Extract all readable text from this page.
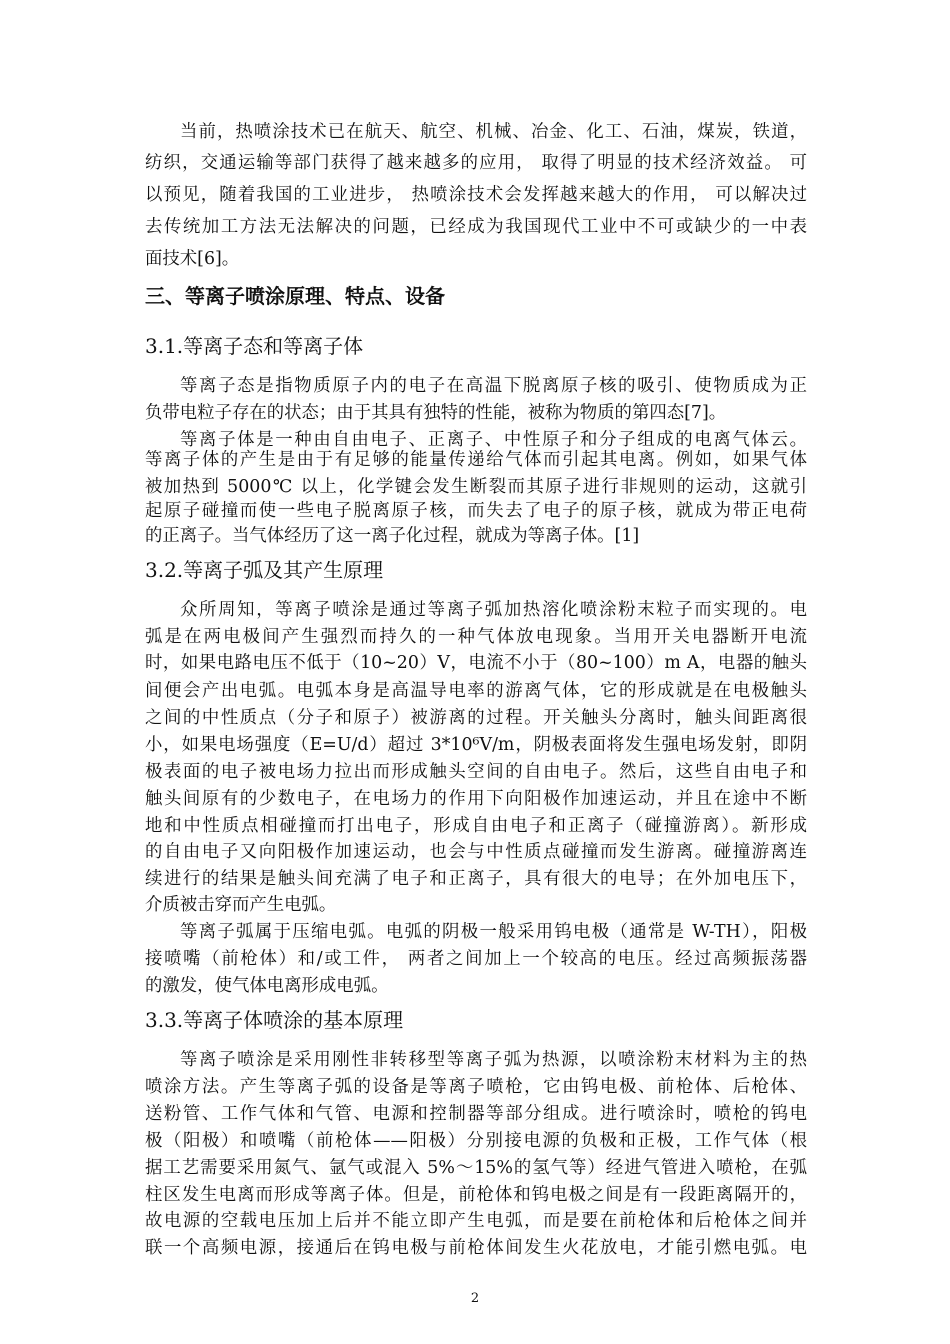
当前，热喷涂技术已在航天、航空、机械、冶金、化工、石油，煤炭，铁道，
纺织，交通运输等部门获得了越来越多的应用， 取得了明显的技术经济效益。 可
以预见，随着我国的工业进步， 热喷涂技术会发挥越来越大的作用， 可以解决过
去传统加工方法无法解决的问题，已经成为我国现代工业中不可或缺少的一中表
面技术[6]。
三、等离子喷涂原理、特点、设备
3.1.等离子态和等离子体
等离子态是指物质原子内的电子在高温下脱离原子核的吸引、使物质成为正
负带电粒子存在的状态；由于其具有独特的性能，被称为物质的第四态[7]。
等离子体是一种由自由电子、正离子、中性原子和分子组成的电离气体云。
等离子体的产生是由于有足够的能量传递给气体而引起其电离。例如，如果气体
被加热到 5000℃ 以上，化学键会发生断裂而其原子进行非规则的运动，这就引
起原子碰撞而使一些电子脱离原子核，而失去了电子的原子核，就成为带正电荷
的正离子。当气体经历了这一离子化过程，就成为等离子体。[1]
3.2.等离子弧及其产生原理
众所周知，等离子喷涂是通过等离子弧加热溶化喷涂粉末粒子而实现的。电
弧是在两电极间产生强烈而持久的一种气体放电现象。当用开关电器断开电流
时，如果电路电压不低于（10~20）V，电流不小于（80~100）m A，电器的触头
间便会产出电弧。电弧本身是高温导电率的游离气体，它的形成就是在电极触头
之间的中性质点（分子和原子）被游离的过程。开关触头分离时，触头间距离很
小，如果电场强度（E=U/d）超过 3*10⁶V/m，阴极表面将发生强电场发射，即阴
极表面的电子被电场力拉出而形成触头空间的自由电子。然后，这些自由电子和
触头间原有的少数电子，在电场力的作用下向阳极作加速运动，并且在途中不断
地和中性质点相碰撞而打出电子，形成自由电子和正离子（碰撞游离）。新形成
的自由电子又向阳极作加速运动，也会与中性质点碰撞而发生游离。碰撞游离连
续进行的结果是触头间充满了电子和正离子，具有很大的电导；在外加电压下，
介质被击穿而产生电弧。
等离子弧属于压缩电弧。电弧的阴极一般采用钨电极（通常是 W-TH），阳极
接喷嘴（前枪体）和/或工件， 两者之间加上一个较高的电压。经过高频振荡器
的激发，使气体电离形成电弧。
3.3.等离子体喷涂的基本原理
等离子喷涂是采用刚性非转移型等离子弧为热源，以喷涂粉末材料为主的热
喷涂方法。产生等离子弧的设备是等离子喷枪，它由钨电极、前枪体、后枪体、
送粉管、工作气体和气管、电源和控制器等部分组成。进行喷涂时，喷枪的钨电
极（阳极）和喷嘴（前枪体——阳极）分别接电源的负极和正极，工作气体（根
据工艺需要采用氮气、氩气或混入 5%～15%的氢气等）经进气管进入喷枪，在弧
柱区发生电离而形成等离子体。但是，前枪体和钨电极之间是有一段距离隔开的，
故电源的空载电压加上后并不能立即产生电弧，而是要在前枪体和后枪体之间并
联一个高频电源，接通后在钨电极与前枪体间发生火花放电，才能引燃电弧。电
2
